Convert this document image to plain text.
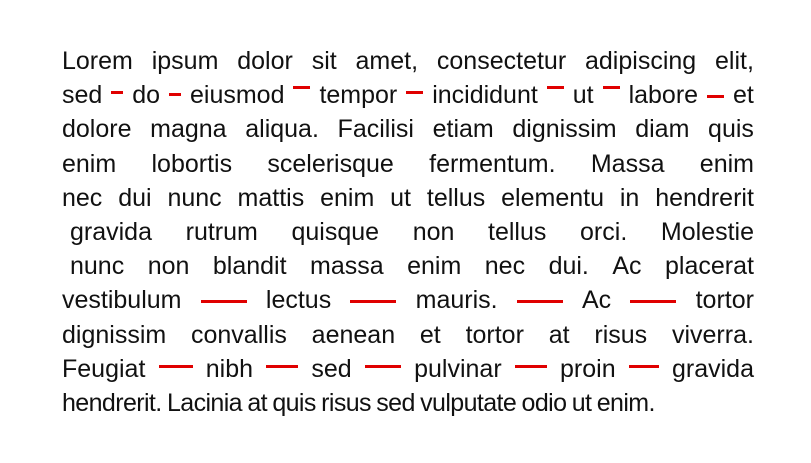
Lorem ipsum dolor sit amet, consectetur adipiscing elit,
sed do eiusmod tempor incididunt ut labore et
dolore magna aliqua. Facilisi etiam dignissim diam quis
enim lobortis scelerisque fermentum. Massa enim
nec dui nunc mattis enim ut tellus elementu in hendrerit
gravida rutrum quisque non tellus orci. Molestie
nunc non blandit massa enim nec dui. Ac placerat
vestibulum	lectus	mauris.	Ac	tortor
dignissim convallis aenean et tortor at risus viverra.
Feugiat nibh sed pulvinar proin gravida
hendrerit. Lacinia at quis risus sed vulputate odio ut enim.
